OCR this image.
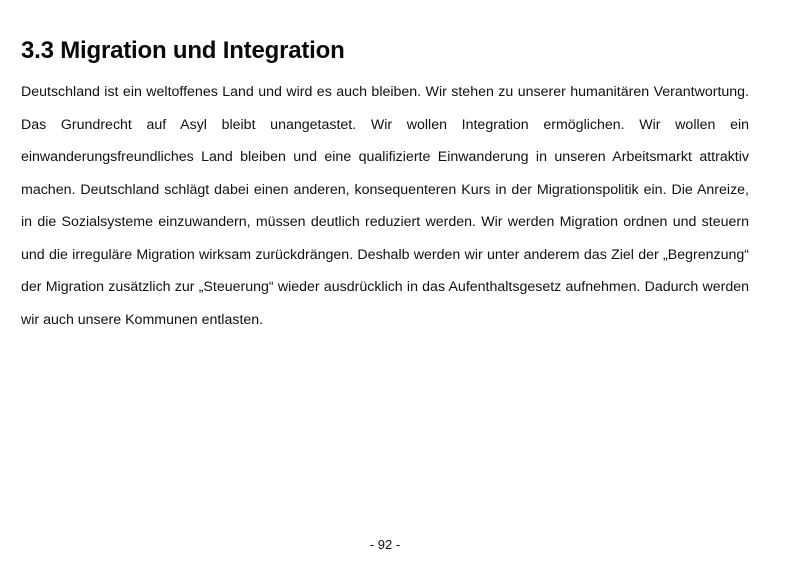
3.3 Migration und Integration

Deutschland ist ein weltoffenes Land und wird es auch bleiben. Wir stehen zu unserer humanitären Verantwortung. Das Grundrecht auf Asyl bleibt unangetastet. Wir wollen Integration ermöglichen. Wir wollen ein einwanderungsfreundliches Land bleiben und eine qualifizierte Einwanderung in unseren Arbeitsmarkt attraktiv machen. Deutschland schlägt dabei einen anderen, konsequenteren Kurs in der Migrationspolitik ein. Die Anreize, in die Sozialsysteme einzuwandern, müssen deutlich reduziert werden. Wir werden Migration ordnen und steuern und die irreguläre Migration wirksam zurückdrängen. Deshalb werden wir unter anderem das Ziel der „Begrenzung“ der Migration zusätzlich zur „Steuerung“ wieder ausdrücklich in das Aufenthaltsgesetz aufnehmen. Dadurch werden wir auch unsere Kommunen entlasten.

- 92 -
